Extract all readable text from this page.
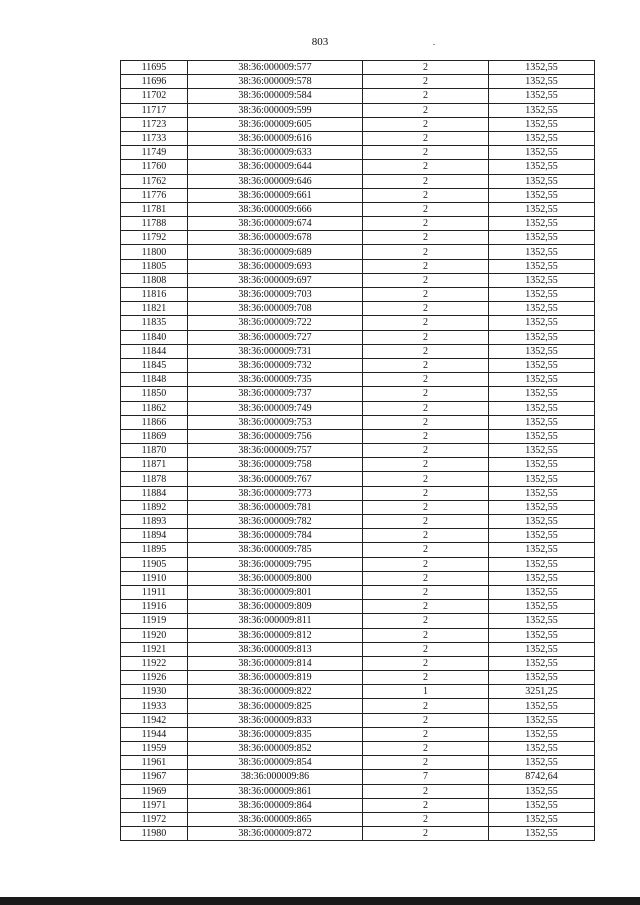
803
11695	38:36:000009:577	2	1352,55
11696	38:36:000009:578	2	1352,55
11702	38:36:000009:584	2	1352,55
11717	38:36:000009:599	2	1352,55
11723	38:36:000009:605	2	1352,55
11733	38:36:000009:616	2	1352,55
11749	38:36:000009:633	2	1352,55
11760	38:36:000009:644	2	1352,55
11762	38:36:000009:646	2	1352,55
11776	38:36:000009:661	2	1352,55
11781	38:36:000009:666	2	1352,55
11788	38:36:000009:674	2	1352,55
11792	38:36:000009:678	2	1352,55
11800	38:36:000009:689	2	1352,55
11805	38:36:000009:693	2	1352,55
11808	38:36:000009:697	2	1352,55
11816	38:36:000009:703	2	1352,55
11821	38:36:000009:708	2	1352,55
11835	38:36:000009:722	2	1352,55
11840	38:36:000009:727	2	1352,55
11844	38:36:000009:731	2	1352,55
11845	38:36:000009:732	2	1352,55
11848	38:36:000009:735	2	1352,55
11850	38:36:000009:737	2	1352,55
11862	38:36:000009:749	2	1352,55
11866	38:36:000009:753	2	1352,55
11869	38:36:000009:756	2	1352,55
11870	38:36:000009:757	2	1352,55
11871	38:36:000009:758	2	1352,55
11878	38:36:000009:767	2	1352,55
11884	38:36:000009:773	2	1352,55
11892	38:36:000009:781	2	1352,55
11893	38:36:000009:782	2	1352,55
11894	38:36:000009:784	2	1352,55
11895	38:36:000009:785	2	1352,55
11905	38:36:000009:795	2	1352,55
11910	38:36:000009:800	2	1352,55
11911	38:36:000009:801	2	1352,55
11916	38:36:000009:809	2	1352,55
11919	38:36:000009:811	2	1352,55
11920	38:36:000009:812	2	1352,55
11921	38:36:000009:813	2	1352,55
11922	38:36:000009:814	2	1352,55
11926	38:36:000009:819	2	1352,55
11930	38:36:000009:822	1	3251,25
11933	38:36:000009:825	2	1352,55
11942	38:36:000009:833	2	1352,55
11944	38:36:000009:835	2	1352,55
11959	38:36:000009:852	2	1352,55
11961	38:36:000009:854	2	1352,55
11967	38:36:000009:86	7	8742,64
11969	38:36:000009:861	2	1352,55
11971	38:36:000009:864	2	1352,55
11972	38:36:000009:865	2	1352,55
11980	38:36:000009:872	2	1352,55
